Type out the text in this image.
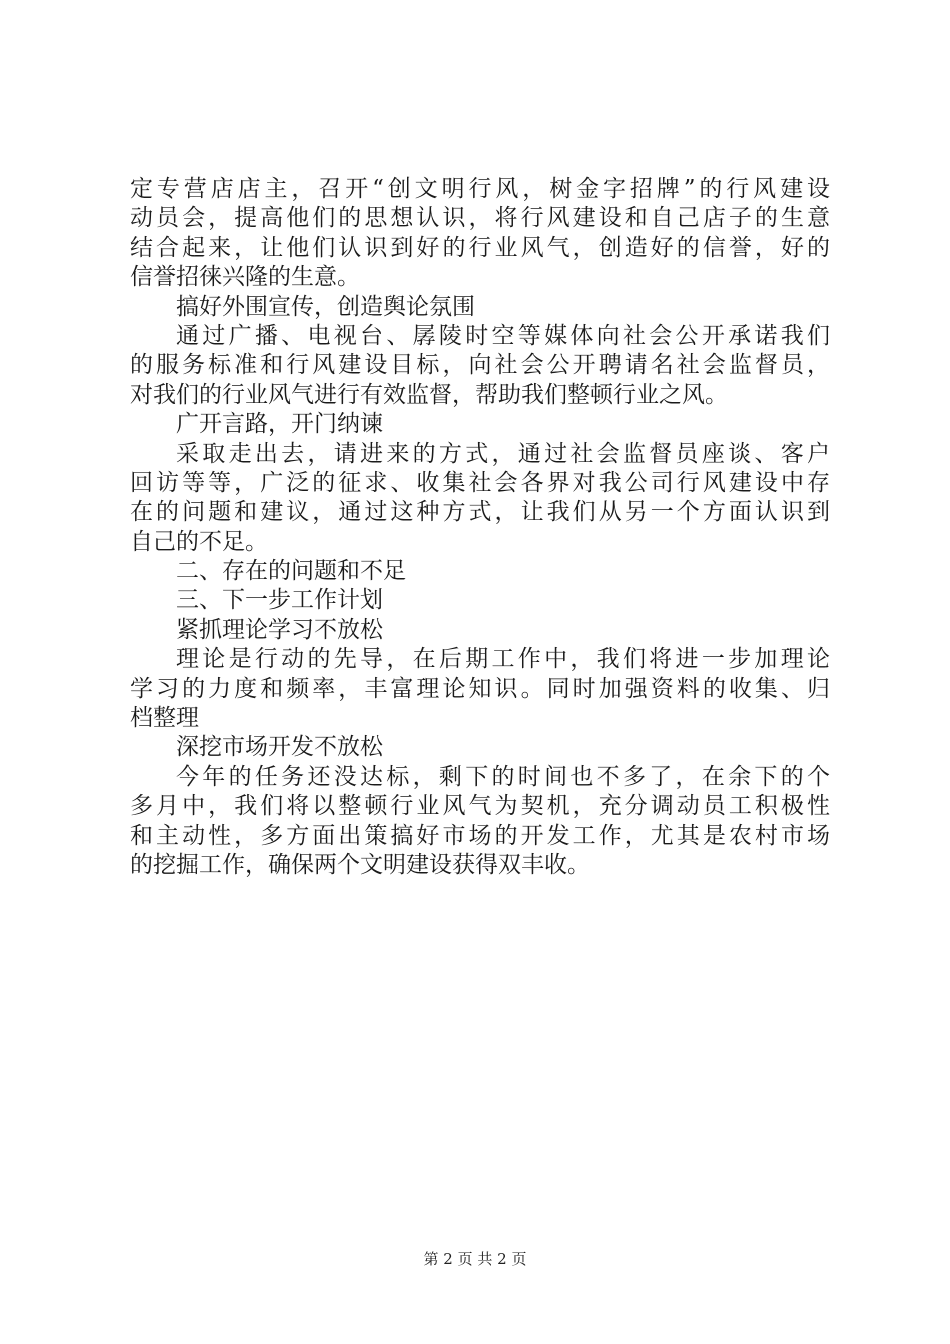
定专营店店主，召开“创文明行风，树金字招牌”的行风建设
动员会，提高他们的思想认识，将行风建设和自己店子的生意
结合起来，让他们认识到好的行业风气，创造好的信誉，好的
信誉招徕兴隆的生意。
搞好外围宣传，创造舆论氛围
通过广播、电视台、孱陵时空等媒体向社会公开承诺我们
的服务标准和行风建设目标，向社会公开聘请名社会监督员，
对我们的行业风气进行有效监督，帮助我们整顿行业之风。
广开言路，开门纳谏
采取走出去，请进来的方式，通过社会监督员座谈、客户
回访等等，广泛的征求、收集社会各界对我公司行风建设中存
在的问题和建议，通过这种方式，让我们从另一个方面认识到
自己的不足。
二、存在的问题和不足
三、下一步工作计划
紧抓理论学习不放松
理论是行动的先导，在后期工作中，我们将进一步加理论
学习的力度和频率，丰富理论知识。同时加强资料的收集、归
档整理
深挖市场开发不放松
今年的任务还没达标，剩下的时间也不多了，在余下的个
多月中，我们将以整顿行业风气为契机，充分调动员工积极性
和主动性，多方面出策搞好市场的开发工作，尤其是农村市场
的挖掘工作，确保两个文明建设获得双丰收。
第 2 页 共 2 页
